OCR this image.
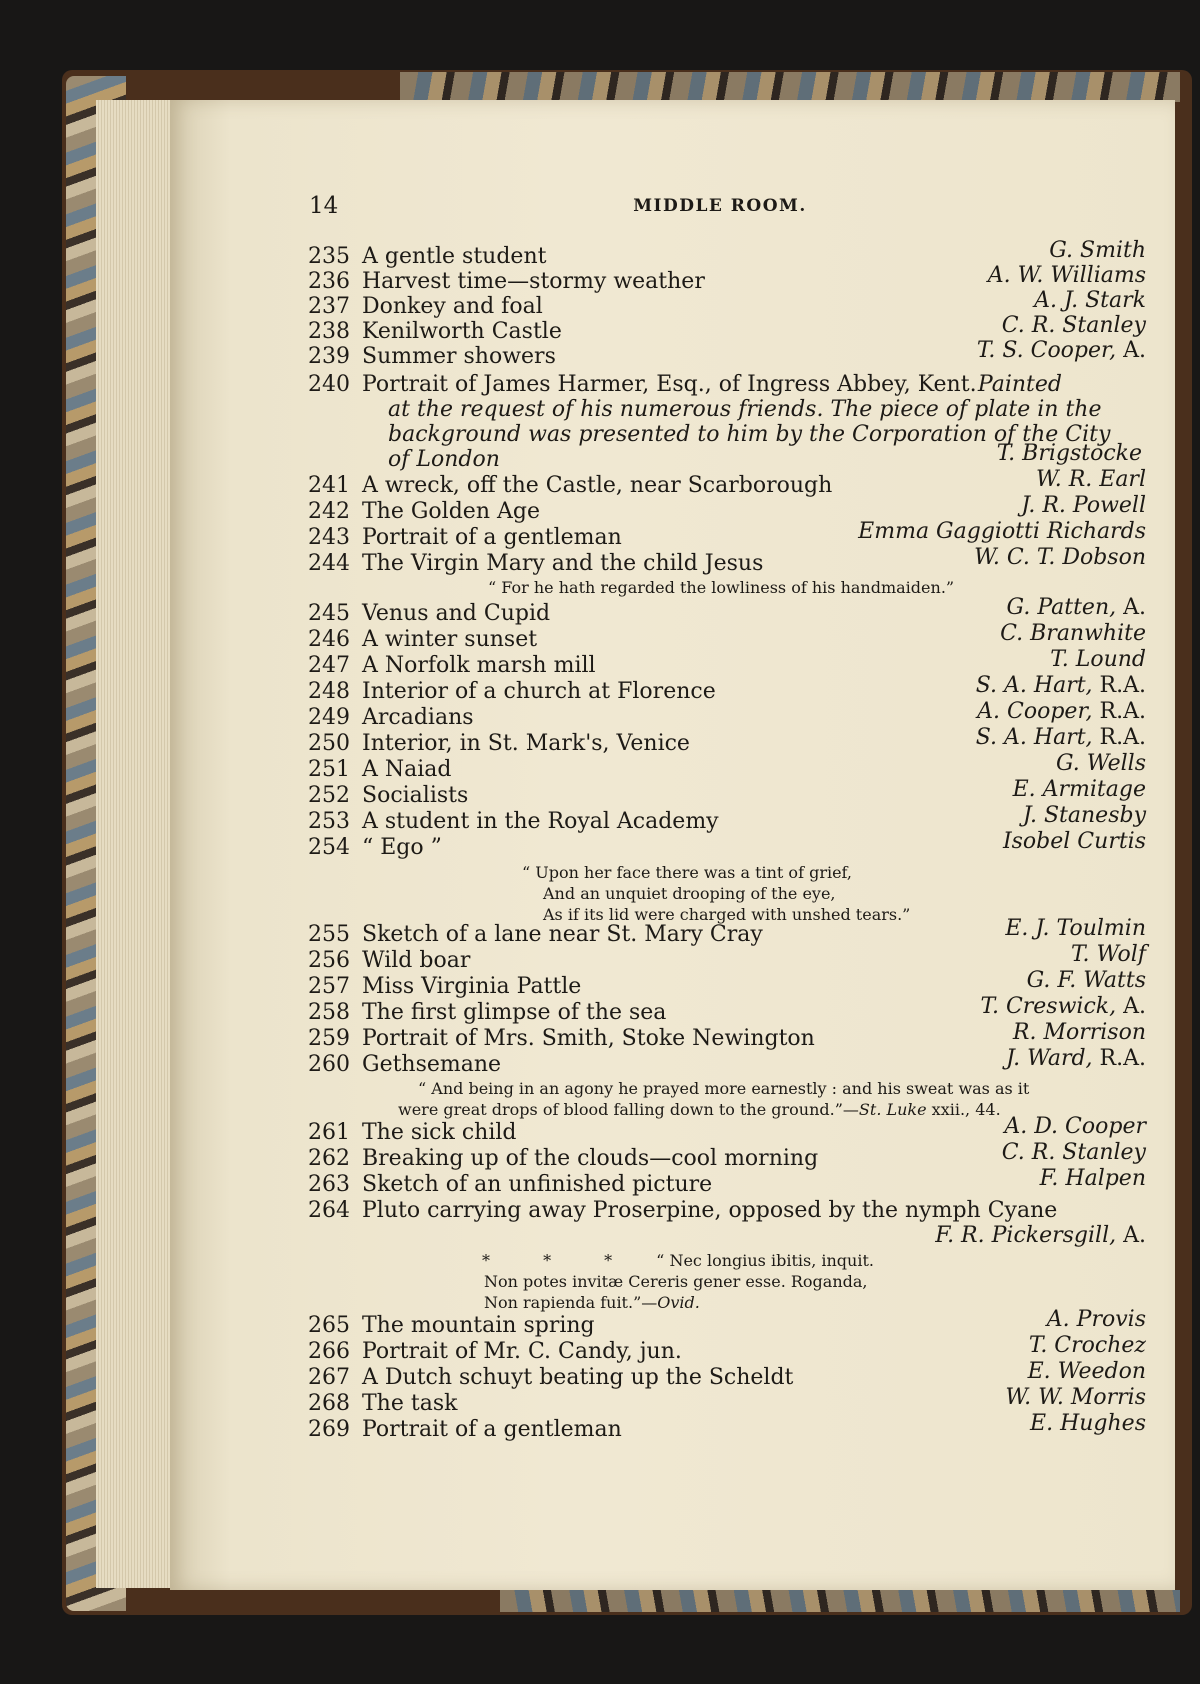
14	MIDDLE ROOM.
235 A gentle student	G. Smith
236 Harvest time—stormy weather	A. W. Williams
237 Donkey and foal	A. J. Stark
238 Kenilworth Castle	C. R. Stanley
239 Summer showers	T. S. Cooper, A.
240 Portrait of James Harmer, Esq., of Ingress Abbey, Kent. Painted
at the request of his numerous friends. The piece of plate in the
background was presented to him by the Corporation of the City
of London	T. Brigstocke
241 A wreck, off the Castle, near Scarborough	W. R. Earl
242 The Golden Age	J. R. Powell
243 Portrait of a gentleman	Emma Gaggiotti Richards
244 The Virgin Mary and the child Jesus	W. C. T. Dobson
“ For he hath regarded the lowliness of his handmaiden.”
245 Venus and Cupid	G. Patten, A.
246 A winter sunset	C. Branwhite
247 A Norfolk marsh mill	T. Lound
248 Interior of a church at Florence	S. A. Hart, R.A.
249 Arcadians	A. Cooper, R.A.
250 Interior, in St. Mark's, Venice	S. A. Hart, R.A.
251 A Naiad	G. Wells
252 Socialists	E. Armitage
253 A student in the Royal Academy	J. Stanesby
254 “ Ego ”	Isobel Curtis
“ Upon her face there was a tint of grief,
And an unquiet drooping of the eye,
As if its lid were charged with unshed tears.”
255 Sketch of a lane near St. Mary Cray	E. J. Toulmin
256 Wild boar	T. Wolf
257 Miss Virginia Pattle	G. F. Watts
258 The first glimpse of the sea	T. Creswick, A.
259 Portrait of Mrs. Smith, Stoke Newington	R. Morrison
260 Gethsemane	J. Ward, R.A.
“ And being in an agony he prayed more earnestly : and his sweat was as it
were great drops of blood falling down to the ground.”—St. Luke xxii., 44.
261 The sick child	A. D. Cooper
262 Breaking up of the clouds—cool morning	C. R. Stanley
263 Sketch of an unfinished picture	F. Halpen
264 Pluto carrying away Proserpine, opposed by the nymph Cyane
F. R. Pickersgill, A.
* * * “ Nec longius ibitis, inquit.
Non potes invitæ Cereris gener esse. Roganda,
Non rapienda fuit.”—Ovid.
265 The mountain spring	A. Provis
266 Portrait of Mr. C. Candy, jun.	T. Crochez
267 A Dutch schuyt beating up the Scheldt	E. Weedon
268 The task	W. W. Morris
269 Portrait of a gentleman	E. Hughes
